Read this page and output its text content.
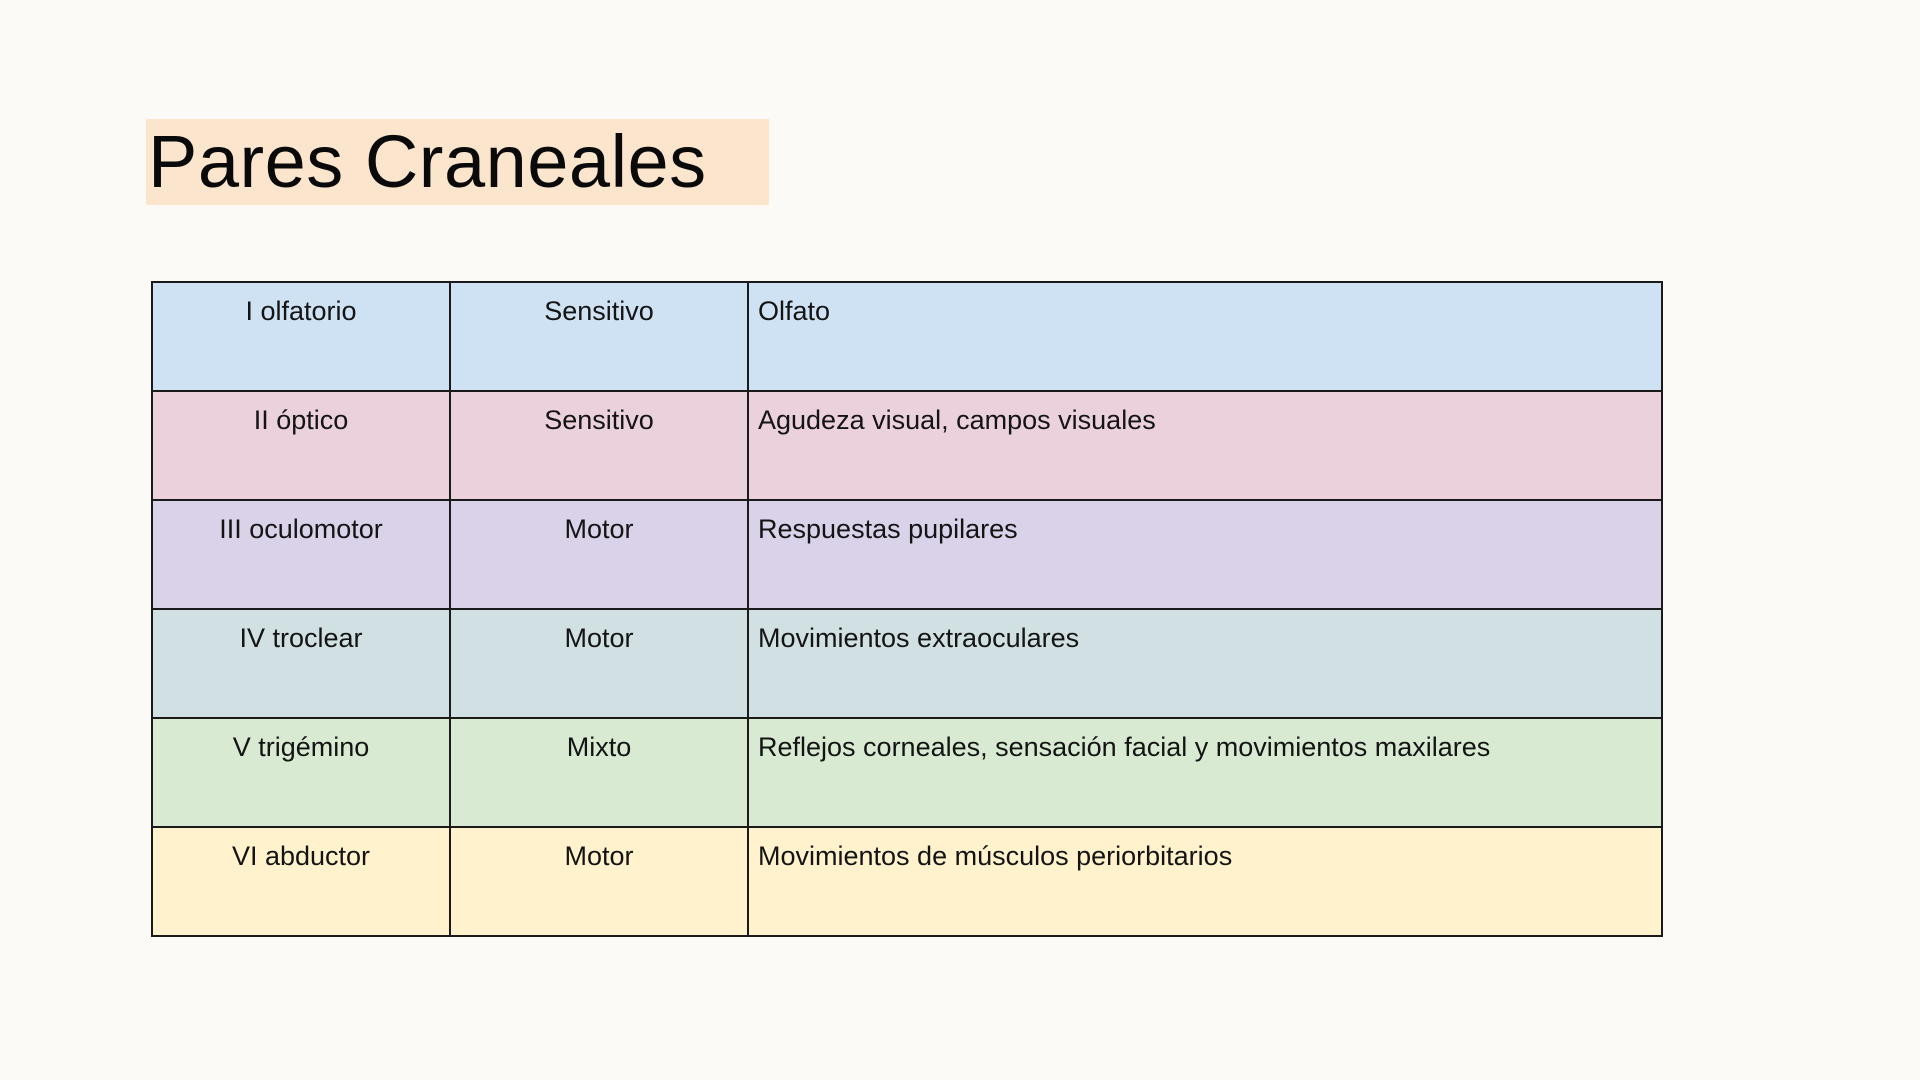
Pares Craneales
I olfatorio	Sensitivo	Olfato
II óptico	Sensitivo	Agudeza visual, campos visuales
III oculomotor	Motor	Respuestas pupilares
IV troclear	Motor	Movimientos extraoculares
V trigémino	Mixto	Reflejos corneales, sensación facial y movimientos maxilares
VI abductor	Motor	Movimientos de músculos periorbitarios
